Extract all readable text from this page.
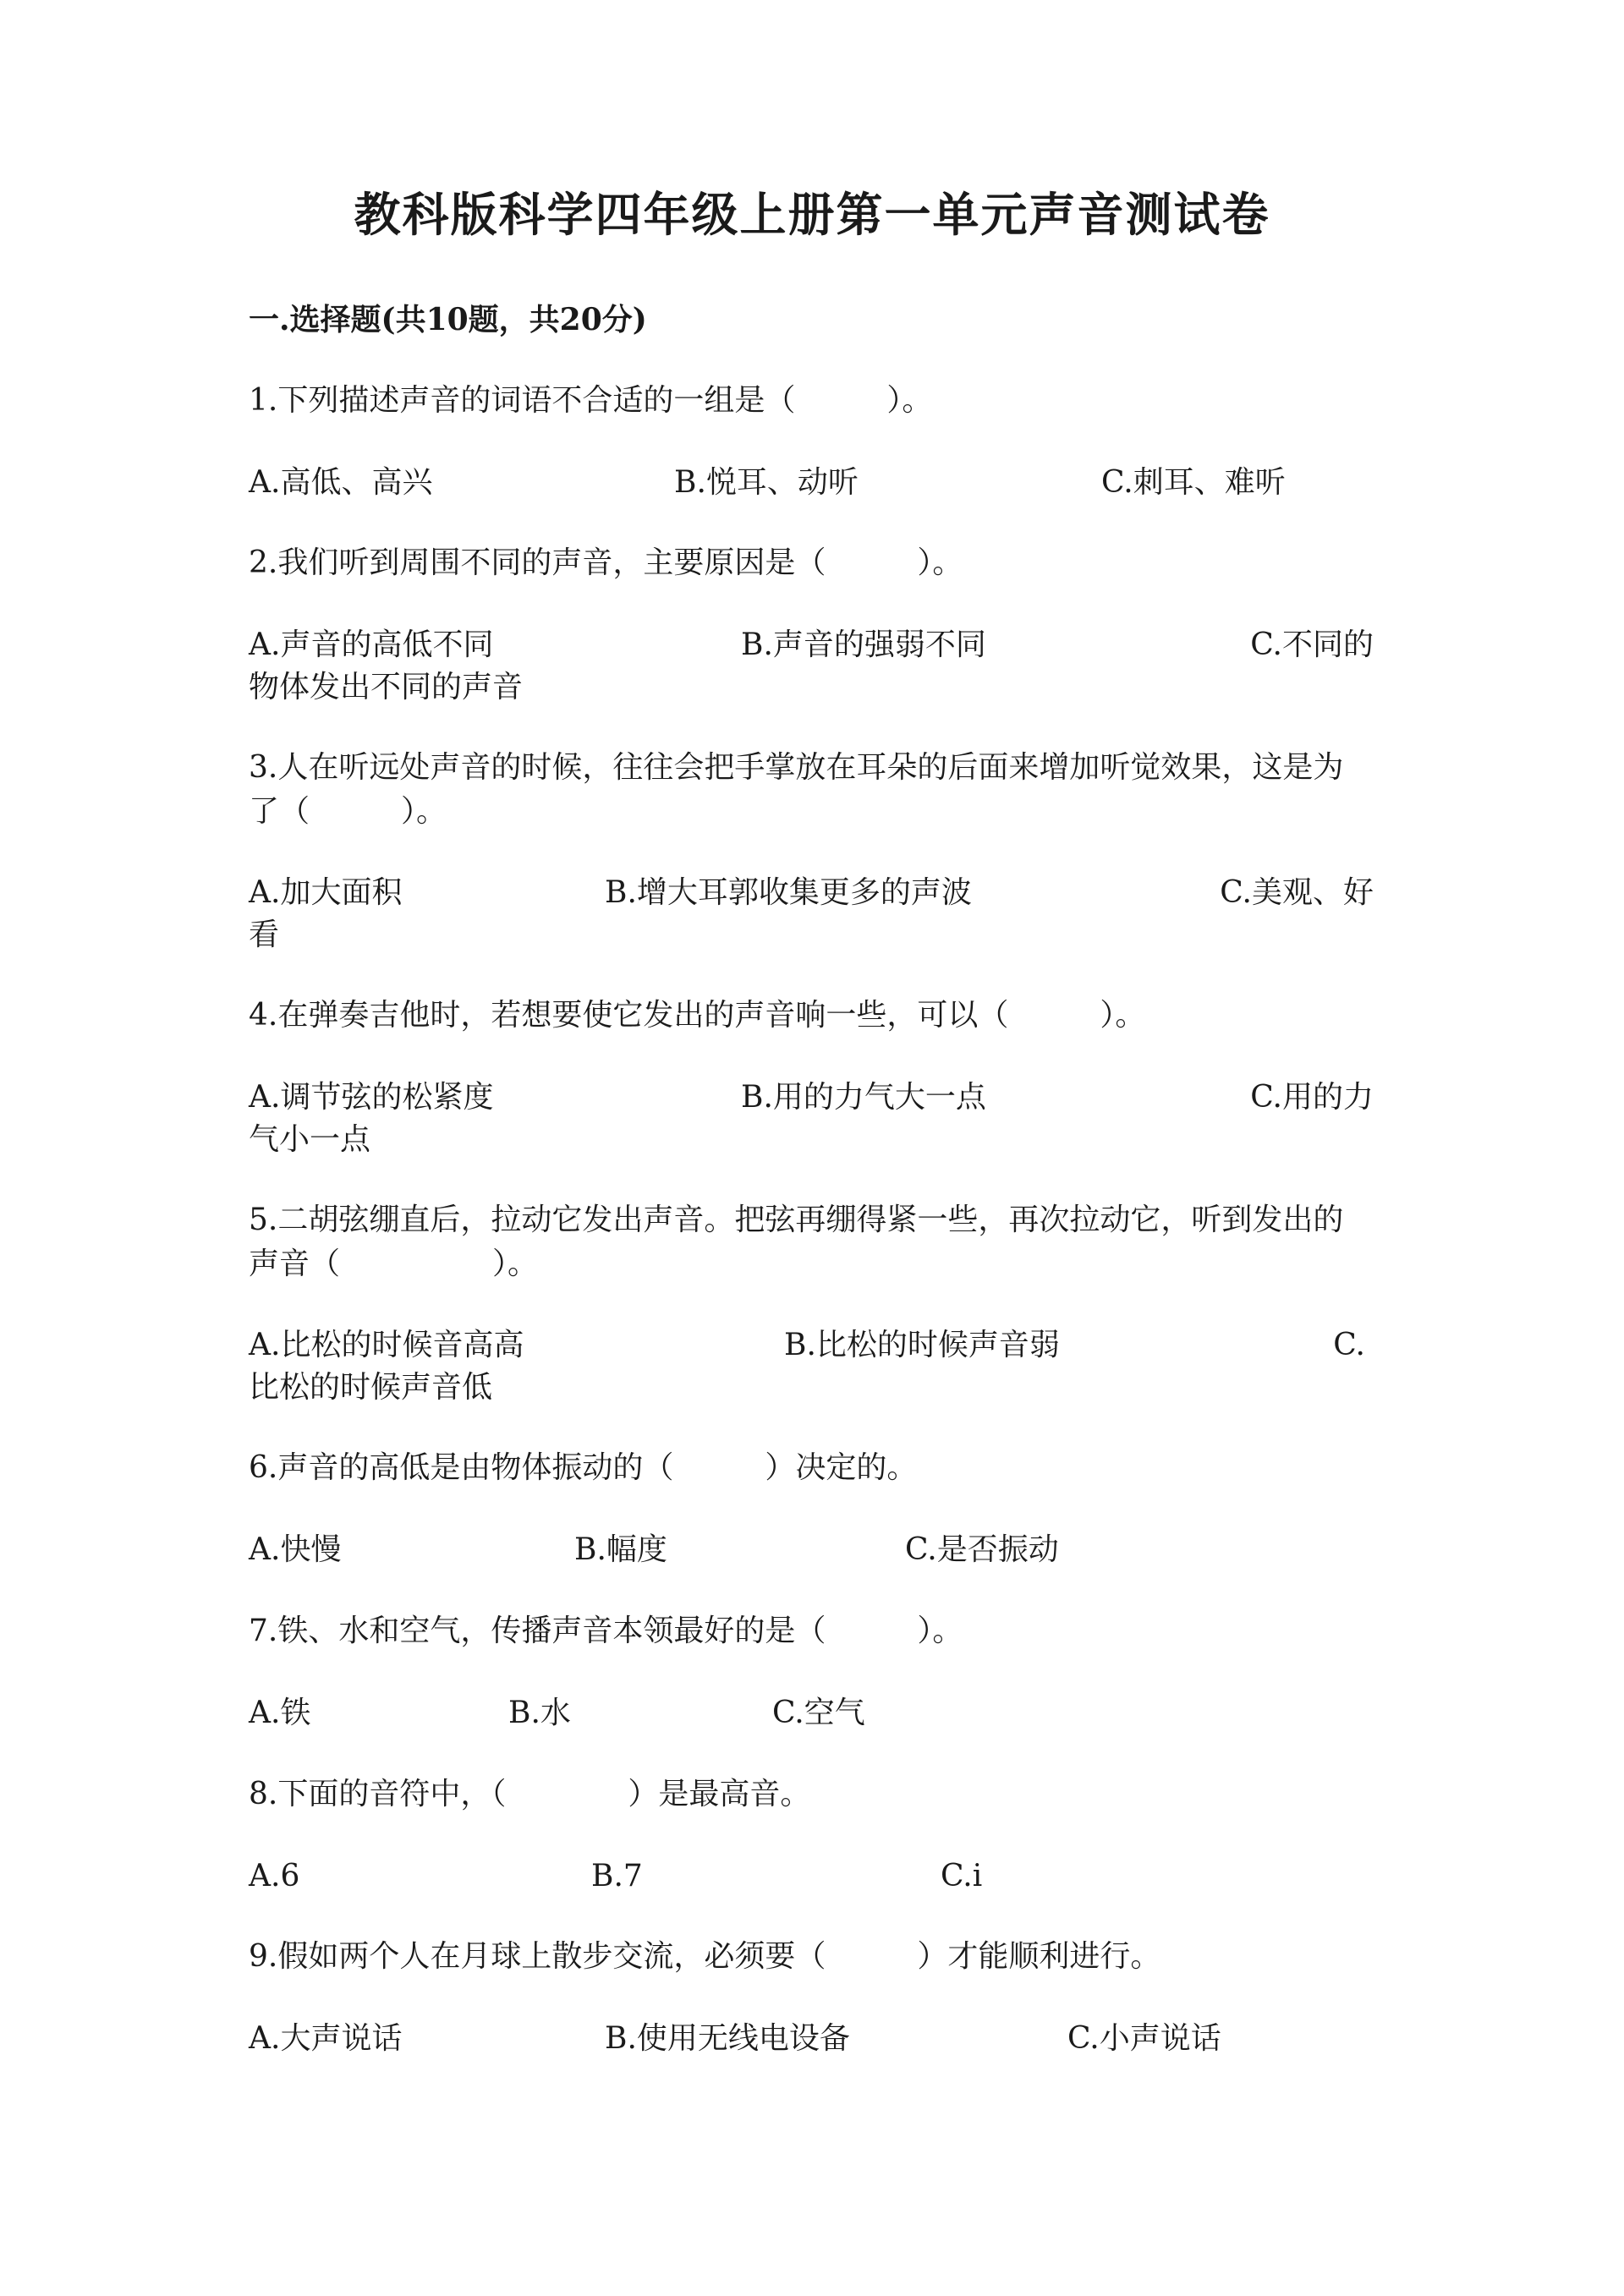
教科版科学四年级上册第一单元声音测试卷
一.选择题(共10题，共20分)
1.下列描述声音的词语不合适的一组是（　　　）。
A.高低、高兴	B.悦耳、动听	C.刺耳、难听
2.我们听到周围不同的声音，主要原因是（　　　）。
A.声音的高低不同	B.声音的强弱不同	C.不同的
物体发出不同的声音
3.人在听远处声音的时候，往往会把手掌放在耳朵的后面来增加听觉效果，这是为了（　　　）。
A.加大面积	B.增大耳郭收集更多的声波	C.美观、好
看
4.在弹奏吉他时，若想要使它发出的声音响一些，可以（　　　）。
A.调节弦的松紧度	B.用的力气大一点	C.用的力
气小一点
5.二胡弦绷直后，拉动它发出声音。把弦再绷得紧一些，再次拉动它，听到发出的声音（　　　　　）。
A.比松的时候音高高	B.比松的时候声音弱	C.
比松的时候声音低
6.声音的高低是由物体振动的（　　　）决定的。
A.快慢	B.幅度	C.是否振动
7.铁、水和空气，传播声音本领最好的是（　　　）。
A.铁	B.水	C.空气
8.下面的音符中，（　　　　）是最高音。
A.6	B.7	C.i
9.假如两个人在月球上散步交流，必须要（　　　）才能顺利进行。
A.大声说话	B.使用无线电设备	C.小声说话
